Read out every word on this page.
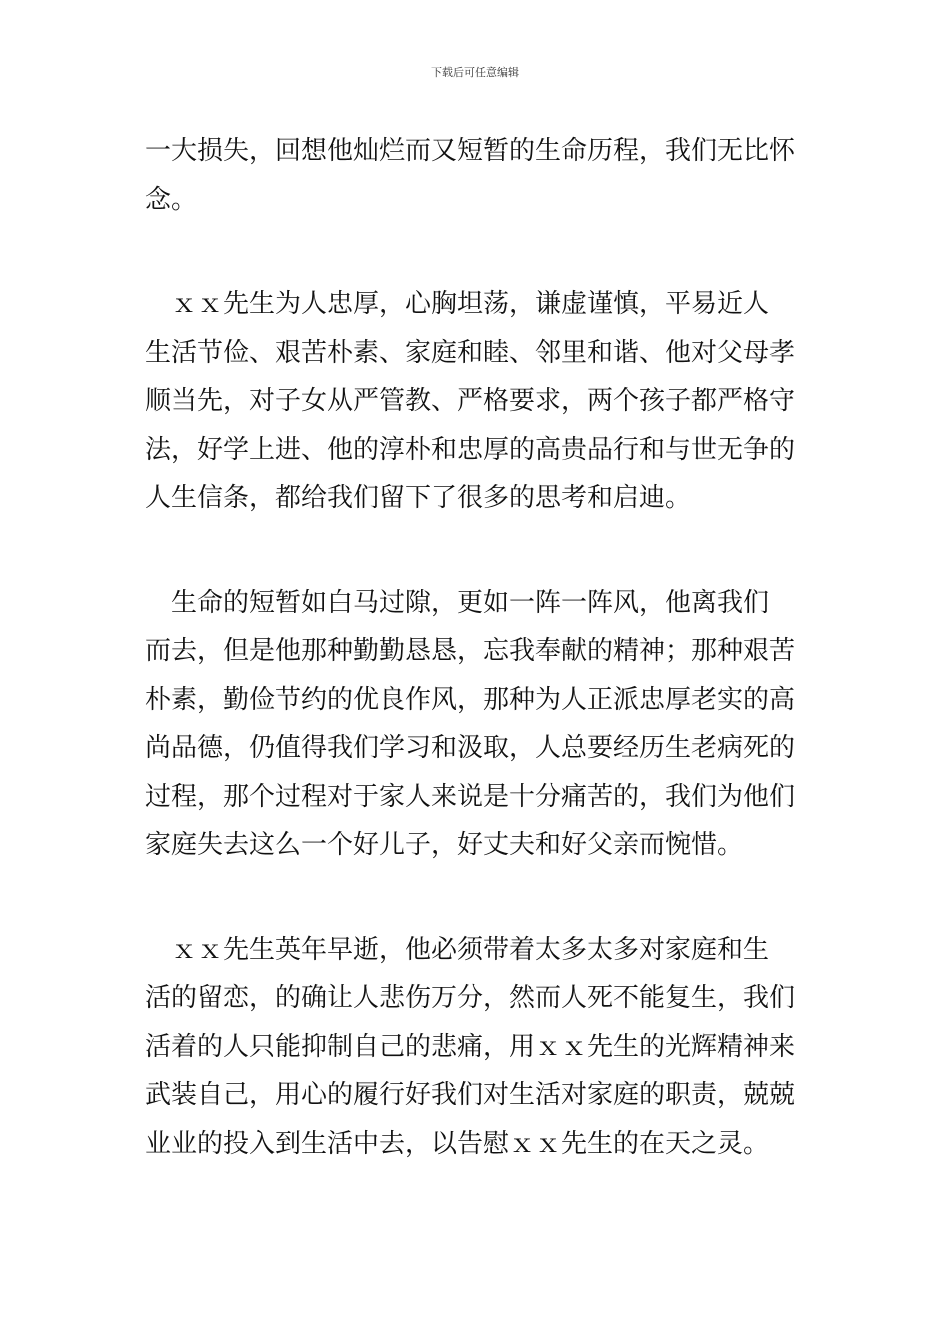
下载后可任意编辑
一大损失，回想他灿烂而又短暂的生命历程，我们无比怀
念。
　ｘｘ先生为人忠厚，心胸坦荡，谦虚谨慎，平易近人
生活节俭、艰苦朴素、家庭和睦、邻里和谐、他对父母孝
顺当先，对子女从严管教、严格要求，两个孩子都严格守
法，好学上进、他的淳朴和忠厚的高贵品行和与世无争的
人生信条，都给我们留下了很多的思考和启迪。
　生命的短暂如白马过隙，更如一阵一阵风，他离我们
而去，但是他那种勤勤恳恳，忘我奉献的精神；那种艰苦
朴素，勤俭节约的优良作风，那种为人正派忠厚老实的高
尚品德，仍值得我们学习和汲取，人总要经历生老病死的
过程，那个过程对于家人来说是十分痛苦的，我们为他们
家庭失去这么一个好儿子，好丈夫和好父亲而惋惜。
　ｘｘ先生英年早逝，他必须带着太多太多对家庭和生
活的留恋，的确让人悲伤万分，然而人死不能复生，我们
活着的人只能抑制自己的悲痛，用ｘｘ先生的光辉精神来
武装自己，用心的履行好我们对生活对家庭的职责，兢兢
业业的投入到生活中去，以告慰ｘｘ先生的在天之灵。
